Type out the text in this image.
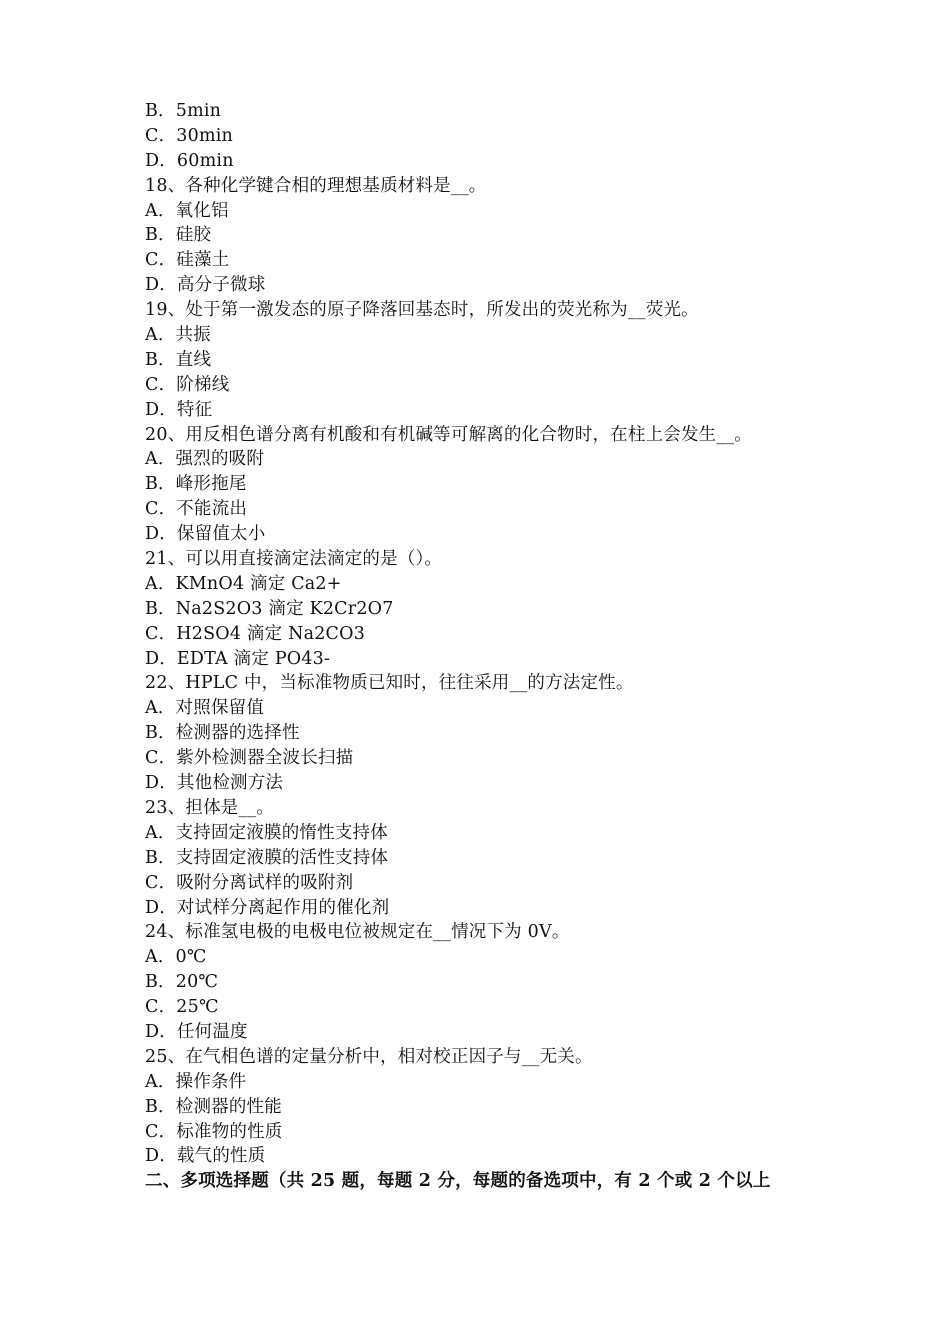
B．5min
C．30min
D．60min
18、各种化学键合相的理想基质材料是__。
A．氧化铝
B．硅胶
C．硅藻土
D．高分子微球
19、处于第一激发态的原子降落回基态时，所发出的荧光称为__荧光。
A．共振
B．直线
C．阶梯线
D．特征
20、用反相色谱分离有机酸和有机碱等可解离的化合物时，在柱上会发生__。
A．强烈的吸附
B．峰形拖尾
C．不能流出
D．保留值太小
21、可以用直接滴定法滴定的是（）。
A．KMnO4 滴定 Ca2+
B．Na2S2O3 滴定 K2Cr2O7
C．H2SO4 滴定 Na2CO3
D．EDTA 滴定 PO43-
22、HPLC 中，当标准物质已知时，往往采用__的方法定性。
A．对照保留值
B．检测器的选择性
C．紫外检测器全波长扫描
D．其他检测方法
23、担体是__。
A．支持固定液膜的惰性支持体
B．支持固定液膜的活性支持体
C．吸附分离试样的吸附剂
D．对试样分离起作用的催化剂
24、标准氢电极的电极电位被规定在__情况下为 0V。
A．0℃
B．20℃
C．25℃
D．任何温度
25、在气相色谱的定量分析中，相对校正因子与__无关。
A．操作条件
B．检测器的性能
C．标准物的性质
D．载气的性质
二、多项选择题（共 25 题，每题 2 分，每题的备选项中，有 2 个或 2 个以上
